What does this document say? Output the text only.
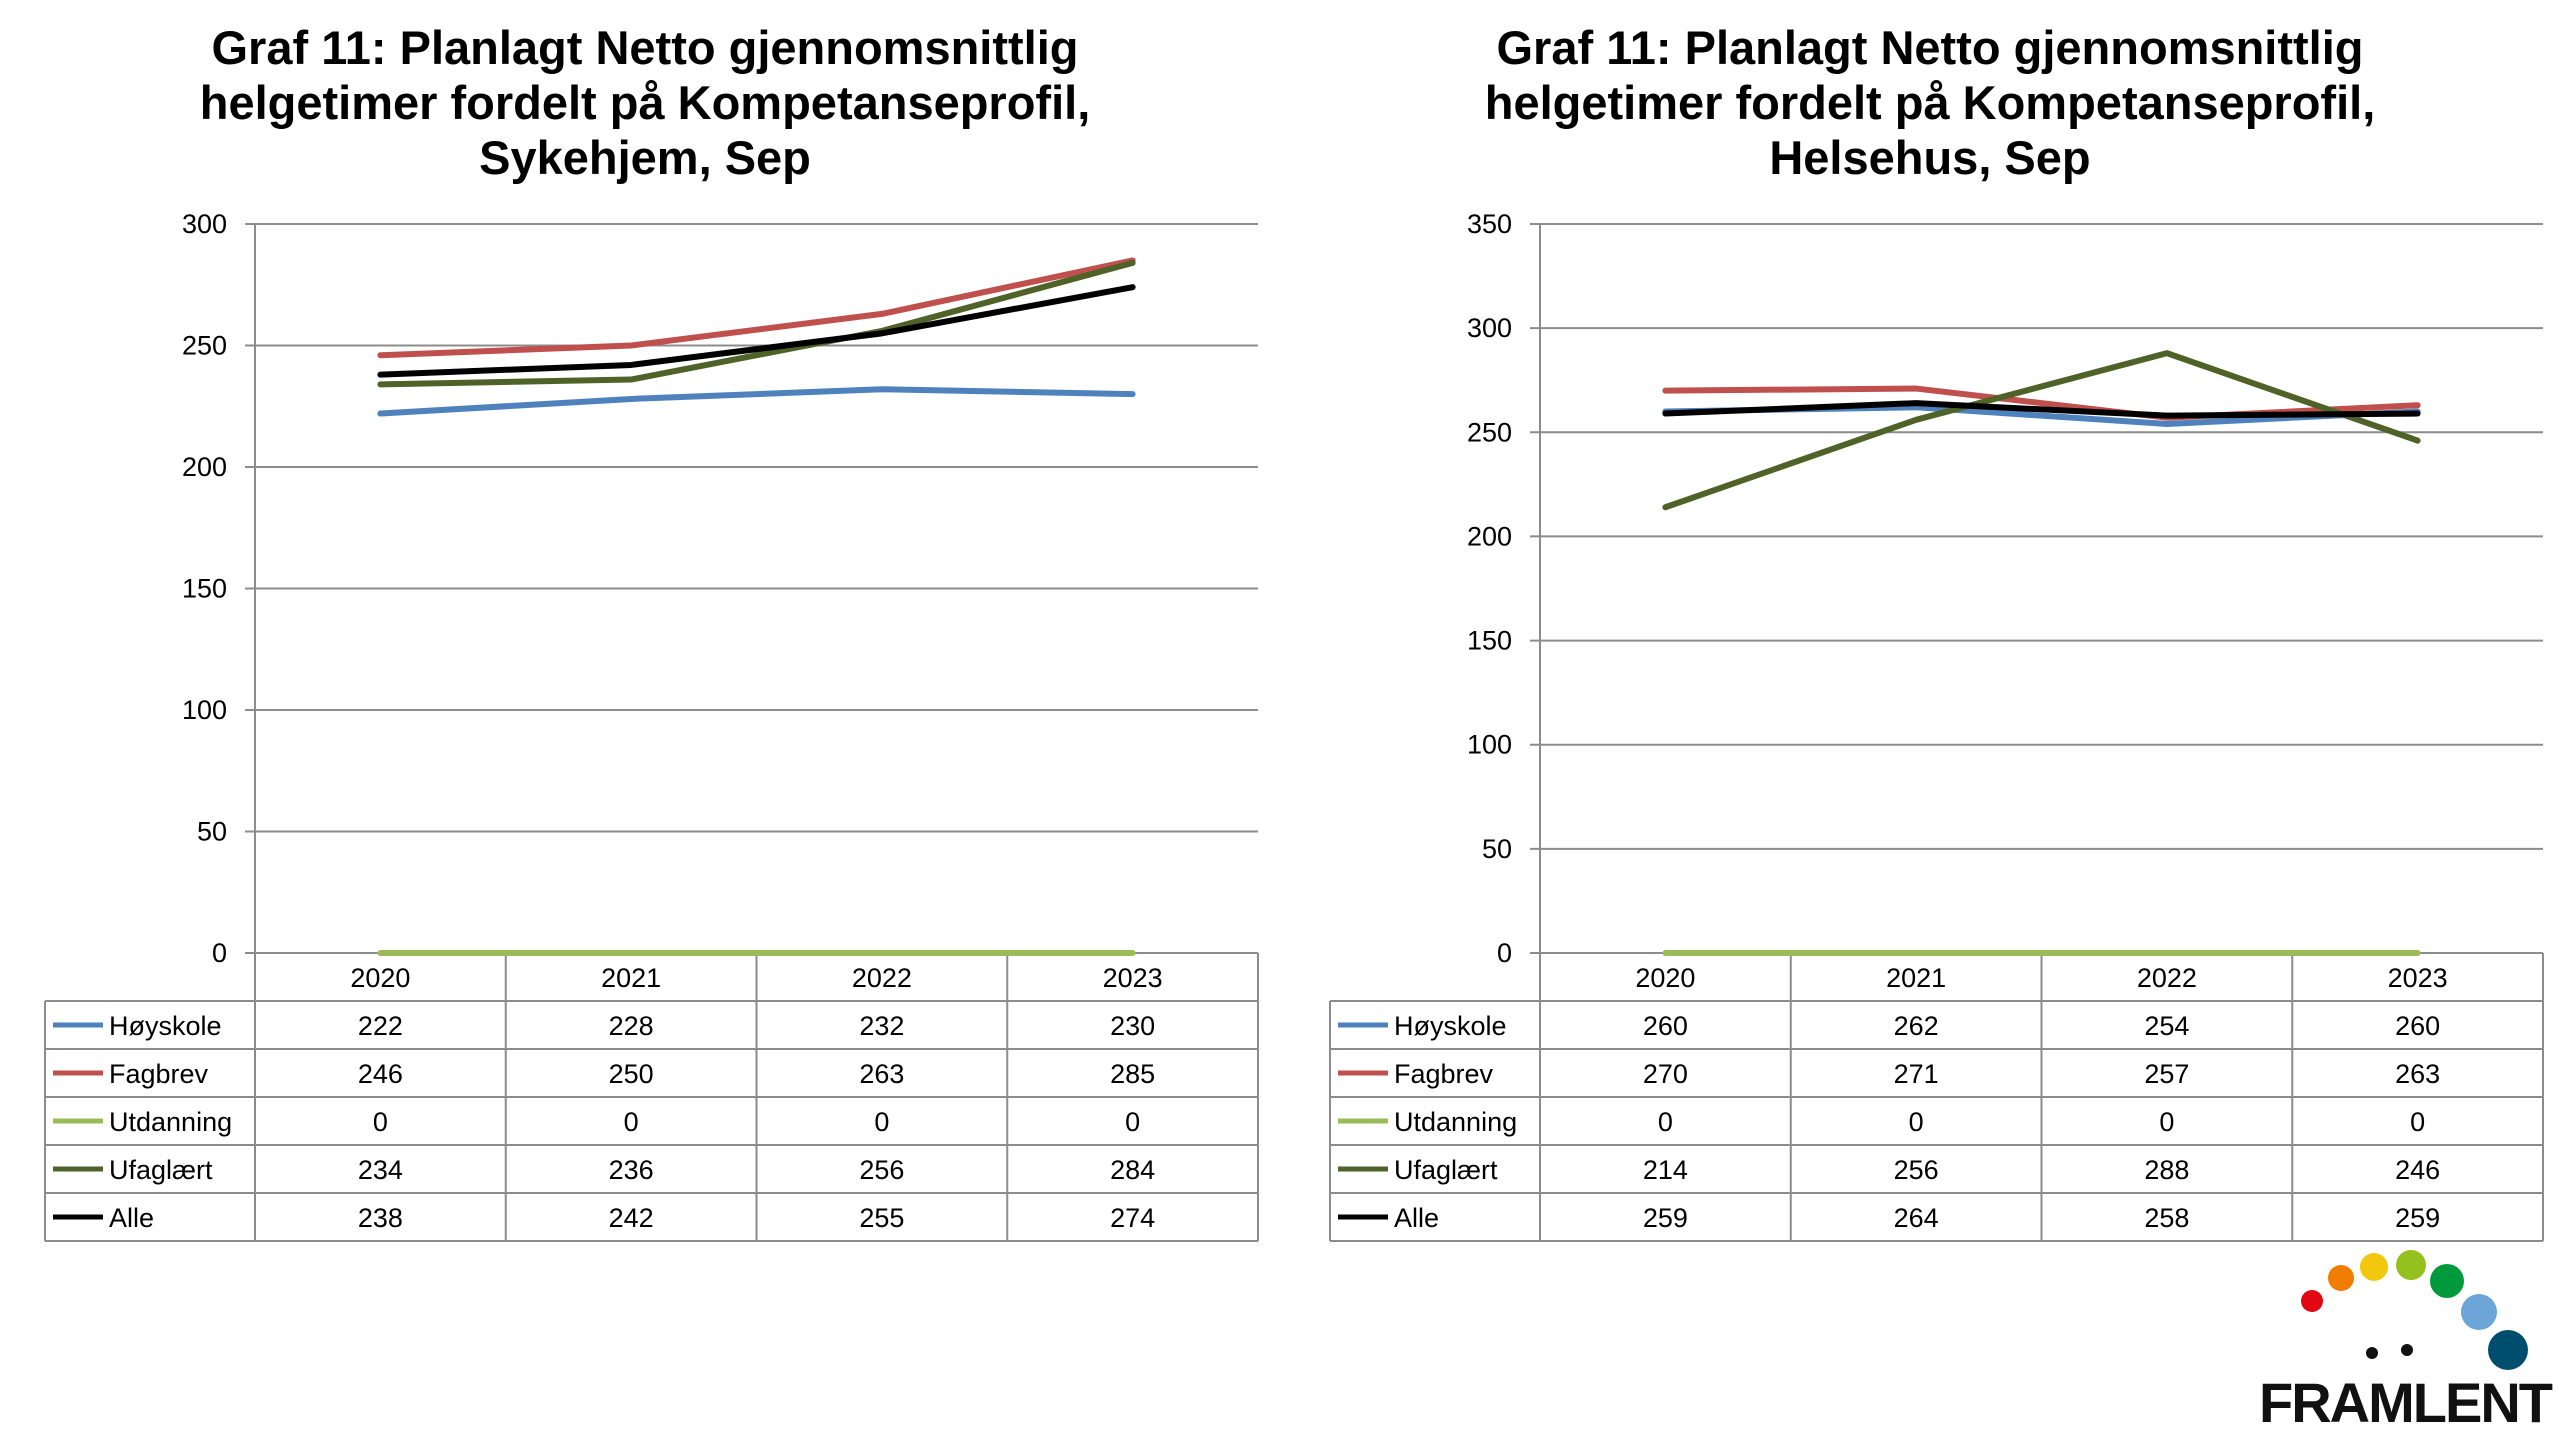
Graf 11: Planlagt Netto gjennomsnittlig
helgetimer fordelt på Kompetanseprofil,
Sykehjem, Sep
0
50
100
150
200
250
300
2020	2021	2022	2023
Høyskole	222	228	232	230
Fagbrev	246	250	263	285
Utdanning	0	0	0	0
Ufaglært	234	236	256	284
Alle	238	242	255	274
Graf 11: Planlagt Netto gjennomsnittlig
helgetimer fordelt på Kompetanseprofil,
Helsehus, Sep
0
50
100
150
200
250
300
350
2020	2021	2022	2023
Høyskole	260	262	254	260
Fagbrev	270	271	257	263
Utdanning	0	0	0	0
Ufaglært	214	256	288	246
Alle	259	264	258	259
FRAMLENT
